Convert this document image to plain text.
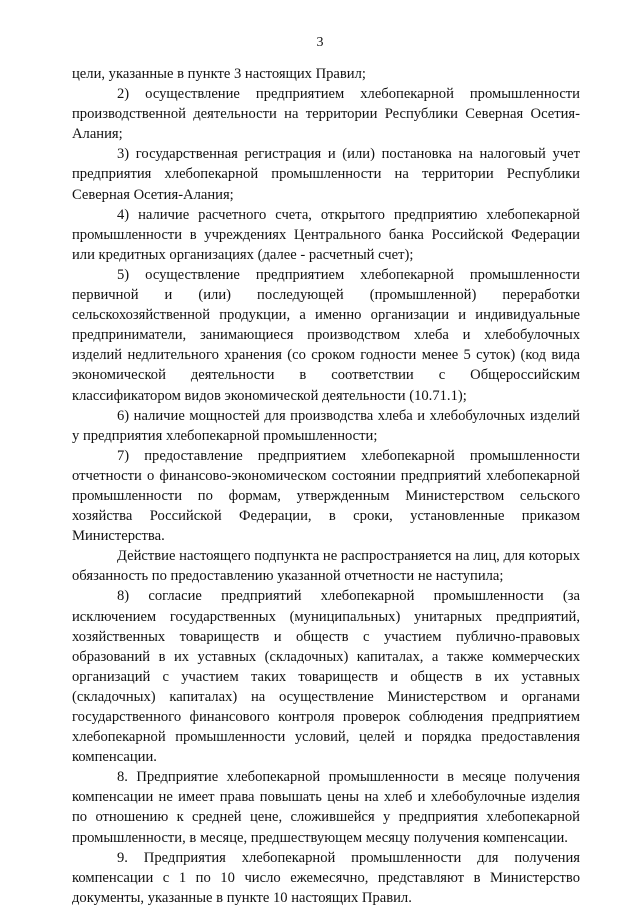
3

цели, указанные в пункте 3 настоящих Правил;

2) осуществление предприятием хлебопекарной промышленности производственной деятельности на территории Республики Северная Осетия-Алания;

3) государственная регистрация и (или) постановка на налоговый учет предприятия хлебопекарной промышленности на территории Республики Северная Осетия-Алания;

4) наличие расчетного счета, открытого предприятию хлебопекарной промышленности в учреждениях Центрального банка Российской Федерации или кредитных организациях (далее - расчетный счет);

5) осуществление предприятием хлебопекарной промышленности первичной и (или) последующей (промышленной) переработки сельскохозяйственной продукции, а именно организации и индивидуальные предприниматели, занимающиеся производством хлеба и хлебобулочных изделий недлительного хранения (со сроком годности менее 5 суток) (код вида экономической деятельности в соответствии с Общероссийским классификатором видов экономической деятельности (10.71.1);

6) наличие мощностей для производства хлеба и хлебобулочных изделий у предприятия хлебопекарной промышленности;

7) предоставление предприятием хлебопекарной промышленности отчетности о финансово-экономическом состоянии предприятий хлебопекарной промышленности по формам, утвержденным Министерством сельского хозяйства Российской Федерации, в сроки, установленные приказом Министерства.

Действие настоящего подпункта не распространяется на лиц, для которых обязанность по предоставлению указанной отчетности не наступила;

8) согласие предприятий хлебопекарной промышленности (за исключением государственных (муниципальных) унитарных предприятий, хозяйственных товариществ и обществ с участием публично-правовых образований в их уставных (складочных) капиталах, а также коммерческих организаций с участием таких товариществ и обществ в их уставных (складочных) капиталах) на осуществление Министерством и органами государственного финансового контроля проверок соблюдения предприятием хлебопекарной промышленности условий, целей и порядка предоставления компенсации.

8. Предприятие хлебопекарной промышленности в месяце получения компенсации не имеет права повышать цены на хлеб и хлебобулочные изделия по отношению к средней цене, сложившейся у предприятия хлебопекарной промышленности, в месяце, предшествующем месяцу получения компенсации.

9. Предприятия хлебопекарной промышленности для получения компенсации с 1 по 10 число ежемесячно, представляют в Министерство документы, указанные в пункте 10 настоящих Правил.
